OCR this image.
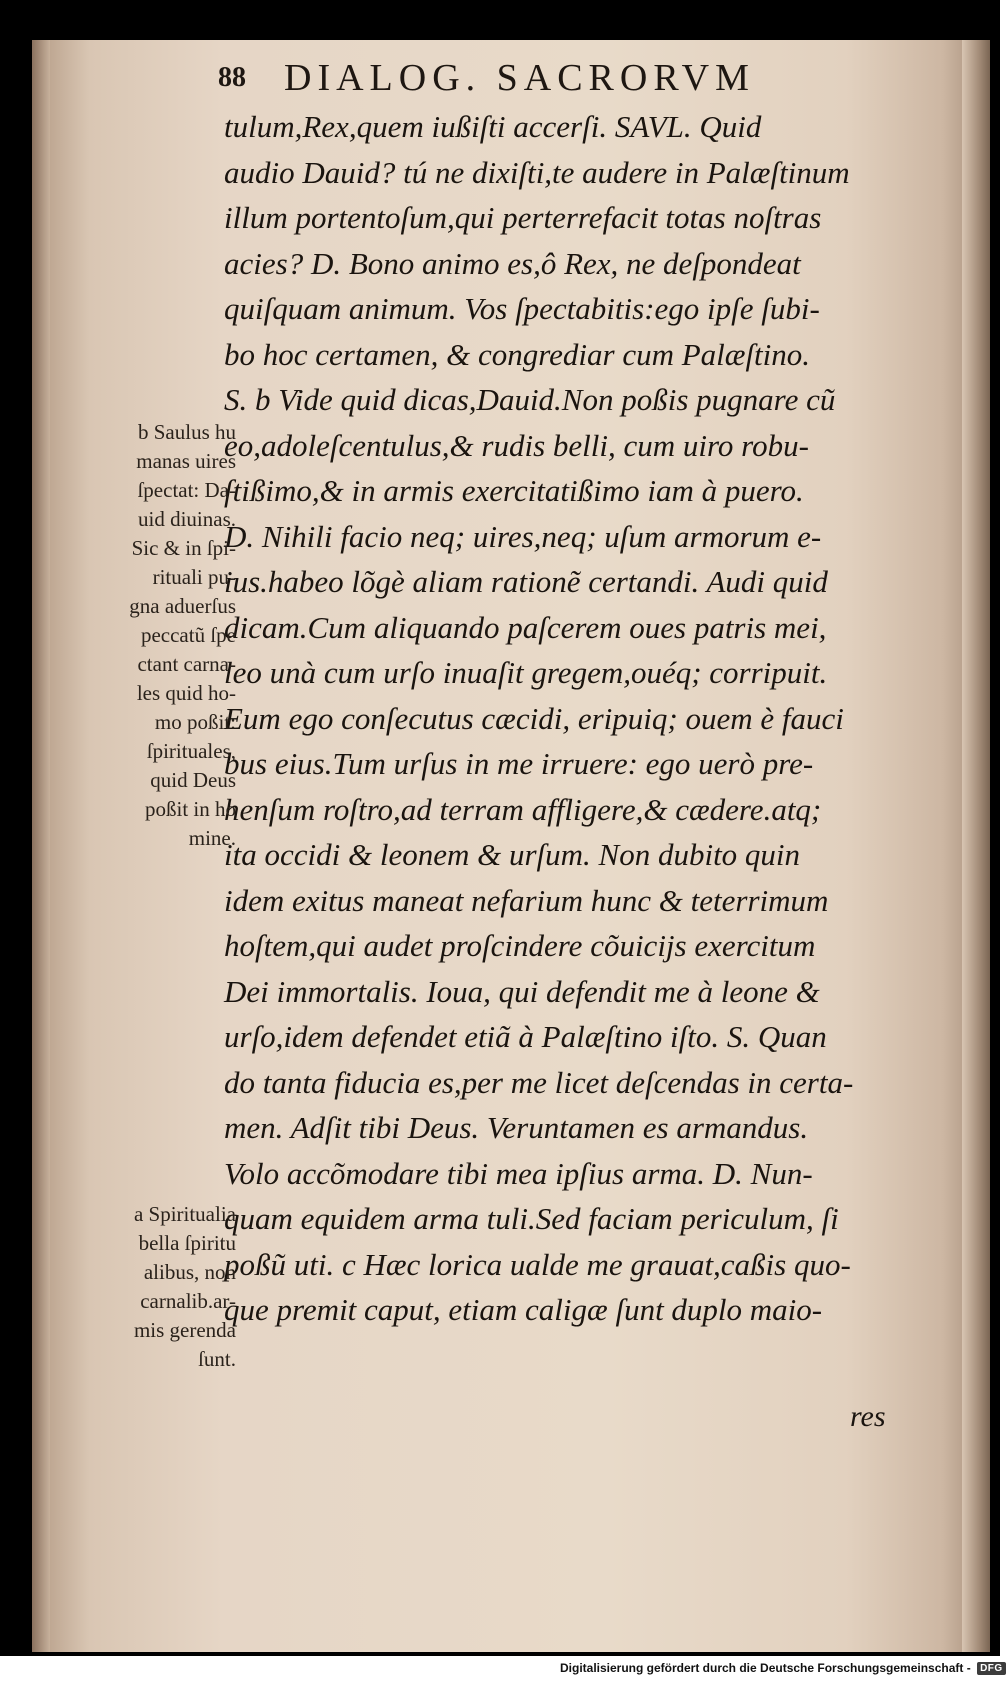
88 DIALOG. SACRORVM
tulum,Rex,quem iußiſti accerſi. SAVL. Quid
audio Dauid? tú ne dixiſti,te audere in Palæſtinum
illum portentoſum,qui perterrefacit totas noſtras
acies? D. Bono animo es,ô Rex, ne deſpondeat
quiſquam animum. Vos ſpectabitis:ego ipſe ſubi-
bo hoc certamen, & congrediar cum Palæſtino.
S. b Vide quid dicas,Dauid.Non poßis pugnare cũ
eo,adoleſcentulus,& rudis belli, cum uiro robu-
ſtißimo,& in armis exercitatißimo iam à puero.
D. Nihili facio neq; uires,neq; uſum armorum e-
ius.habeo lõgè aliam rationẽ certandi. Audi quid
dicam.Cum aliquando paſcerem oues patris mei,
leo unà cum urſo inuaſit gregem,ouéq; corripuit.
Eum ego conſecutus cæcidi, eripuiq; ouem è fauci
bus eius.Tum urſus in me irruere: ego uerò pre-
henſum roſtro,ad terram affligere,& cædere.atq;
ita occidi & leonem & urſum. Non dubito quin
idem exitus maneat nefarium hunc & teterrimum
hoſtem,qui audet proſcindere cõuicijs exercitum
Dei immortalis. Ioua, qui defendit me à leone &
urſo,idem defendet etiã à Palæſtino iſto. S. Quan
do tanta fiducia es,per me licet deſcendas in certa-
men. Adſit tibi Deus. Veruntamen es armandus.
Volo accõmodare tibi mea ipſius arma. D. Nun-
quam equidem arma tuli.Sed faciam periculum, ſi
poßũ uti. c Hæc lorica ualde me grauat,caßis quo-
que premit caput, etiam caligæ ſunt duplo maio-
res
b Saulus hu
manas uires
ſpectat: Da-
uid diuinas.
Sic & in ſpi-
rituali pu-
gna aduerſus
peccatũ ſpe
ctant carna-
les quid ho-
mo poßit:
ſpirituales,
quid Deus
poßit in ho
mine.
a Spiritualia
bella ſpiritu
alibus, non
carnalib.ar-
mis gerenda
ſunt.
Digitalisierung gefördert durch die Deutsche Forschungsgemeinschaft - DFG
